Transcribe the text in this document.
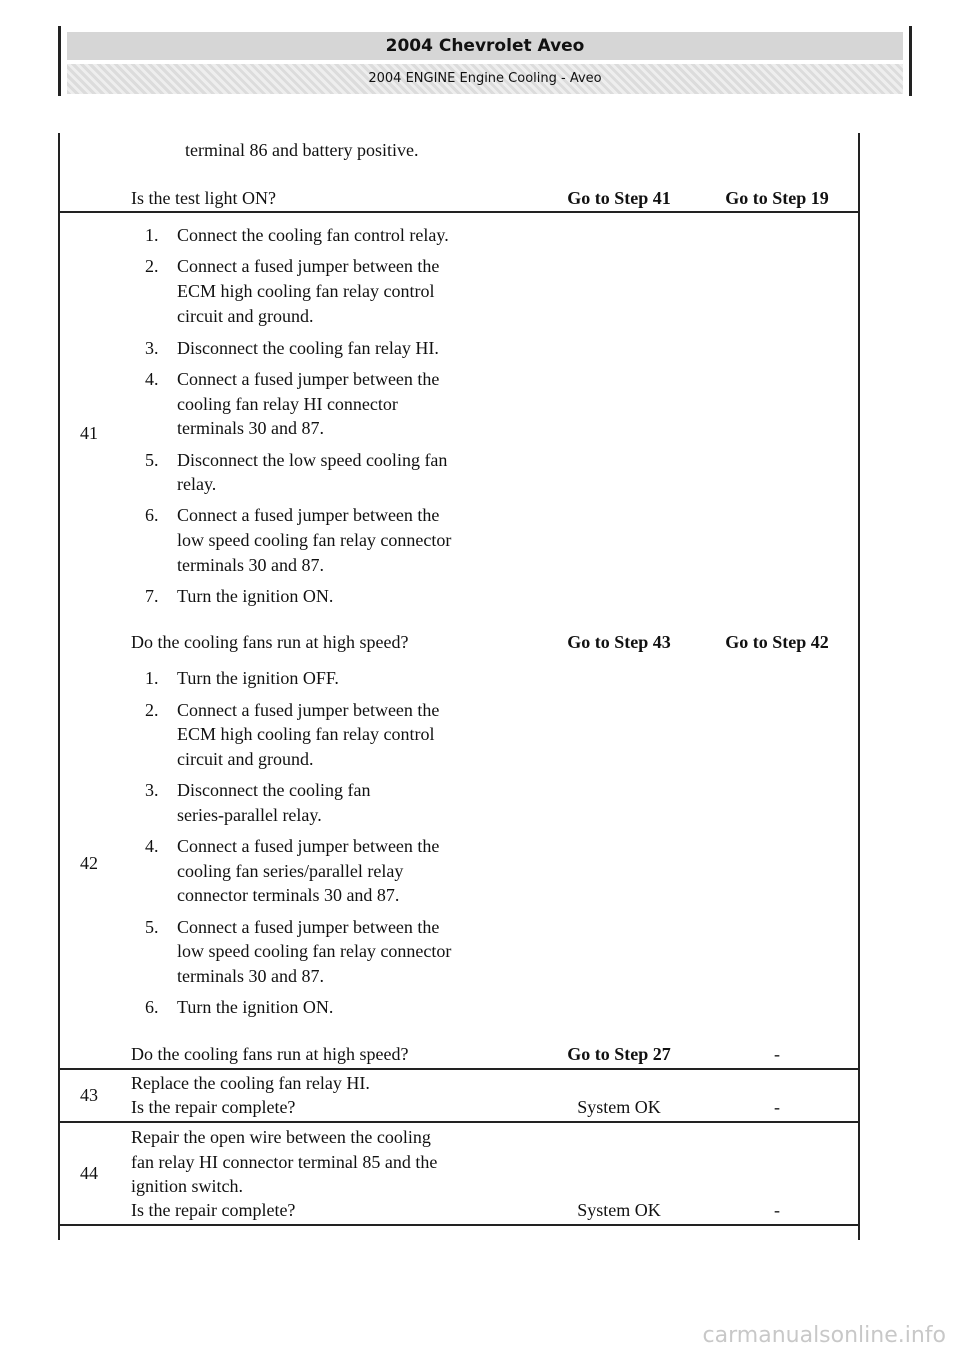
2004 Chevrolet Aveo
2004 ENGINE Engine Cooling - Aveo
terminal 86 and battery positive.
Is the test light ON?	Go to Step 41	Go to Step 19
41
1. Connect the cooling fan control relay.
2. Connect a fused jumper between the
ECM high cooling fan relay control
circuit and ground.
3. Disconnect the cooling fan relay HI.
4. Connect a fused jumper between the
cooling fan relay HI connector
terminals 30 and 87.
5. Disconnect the low speed cooling fan
relay.
6. Connect a fused jumper between the
low speed cooling fan relay connector
terminals 30 and 87.
7. Turn the ignition ON.
Do the cooling fans run at high speed?	Go to Step 43	Go to Step 42
42
1. Turn the ignition OFF.
2. Connect a fused jumper between the
ECM high cooling fan relay control
circuit and ground.
3. Disconnect the cooling fan
series-parallel relay.
4. Connect a fused jumper between the
cooling fan series/parallel relay
connector terminals 30 and 87.
5. Connect a fused jumper between the
low speed cooling fan relay connector
terminals 30 and 87.
6. Turn the ignition ON.
Do the cooling fans run at high speed?	Go to Step 27	-
43
Replace the cooling fan relay HI.
Is the repair complete?	System OK	-
44
Repair the open wire between the cooling
fan relay HI connector terminal 85 and the
ignition switch.
Is the repair complete?	System OK	-
carmanualsonline.info
